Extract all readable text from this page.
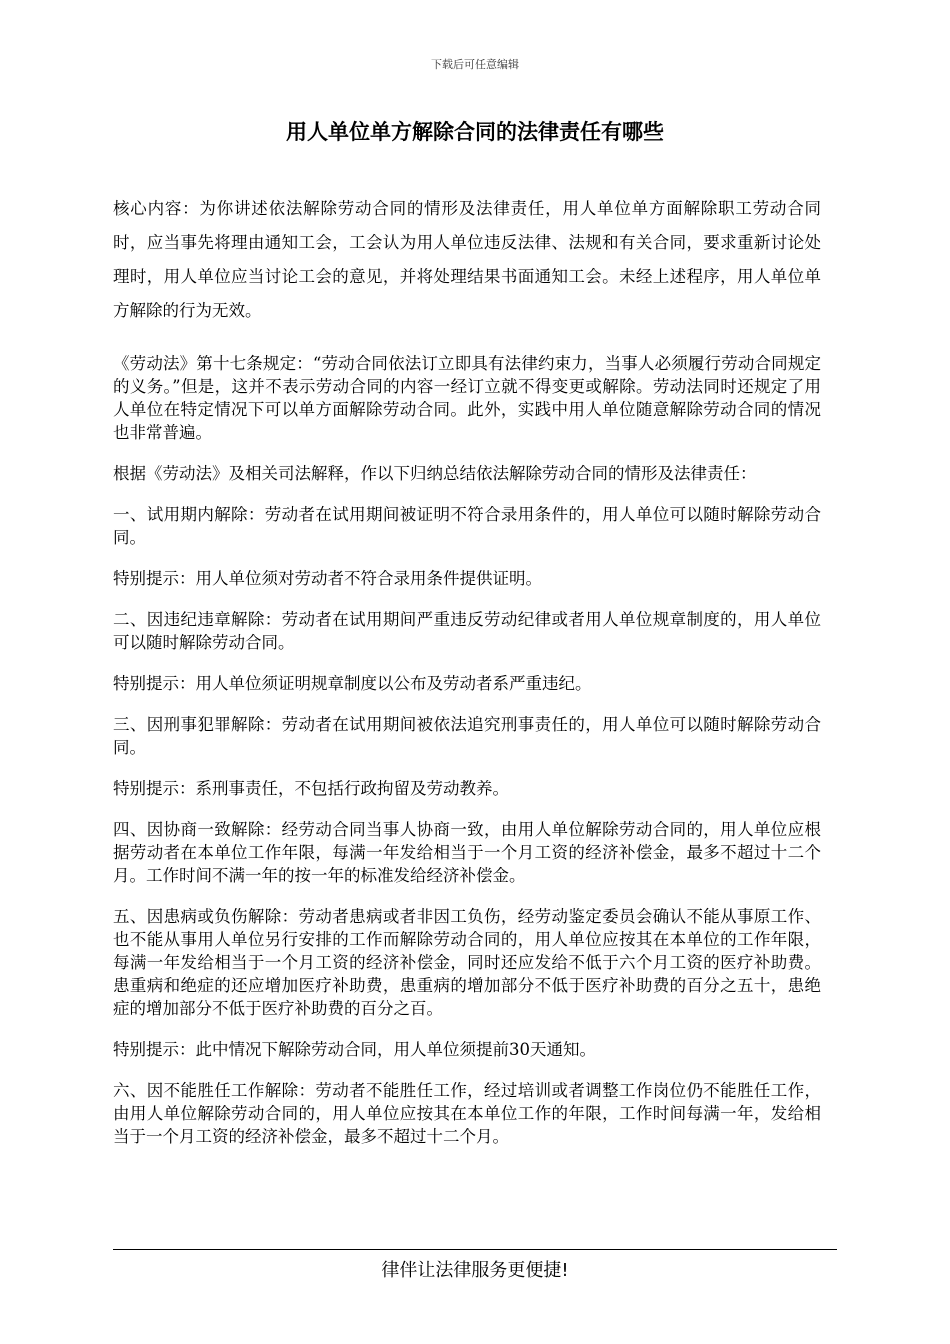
下载后可任意编辑
用人单位单方解除合同的法律责任有哪些

核心内容：为你讲述依法解除劳动合同的情形及法律责任，用人单位单方面解除职工劳动合同时，应当事先将理由通知工会，工会认为用人单位违反法律、法规和有关合同，要求重新讨论处理时，用人单位应当讨论工会的意见，并将处理结果书面通知工会。未经上述程序，用人单位单方解除的行为无效。

《劳动法》第十七条规定：“劳动合同依法订立即具有法律约束力，当事人必须履行劳动合同规定的义务。”但是，这并不表示劳动合同的内容一经订立就不得变更或解除。劳动法同时还规定了用人单位在特定情况下可以单方面解除劳动合同。此外，实践中用人单位随意解除劳动合同的情况也非常普遍。

根据《劳动法》及相关司法解释，作以下归纳总结依法解除劳动合同的情形及法律责任：

一、试用期内解除：劳动者在试用期间被证明不符合录用条件的，用人单位可以随时解除劳动合同。

特别提示：用人单位须对劳动者不符合录用条件提供证明。

二、因违纪违章解除：劳动者在试用期间严重违反劳动纪律或者用人单位规章制度的，用人单位可以随时解除劳动合同。

特别提示：用人单位须证明规章制度以公布及劳动者系严重违纪。

三、因刑事犯罪解除：劳动者在试用期间被依法追究刑事责任的，用人单位可以随时解除劳动合同。

特别提示：系刑事责任，不包括行政拘留及劳动教养。

四、因协商一致解除：经劳动合同当事人协商一致，由用人单位解除劳动合同的，用人单位应根据劳动者在本单位工作年限，每满一年发给相当于一个月工资的经济补偿金，最多不超过十二个月。工作时间不满一年的按一年的标准发给经济补偿金。

五、因患病或负伤解除：劳动者患病或者非因工负伤，经劳动鉴定委员会确认不能从事原工作、也不能从事用人单位另行安排的工作而解除劳动合同的，用人单位应按其在本单位的工作年限，每满一年发给相当于一个月工资的经济补偿金，同时还应发给不低于六个月工资的医疗补助费。患重病和绝症的还应增加医疗补助费，患重病的增加部分不低于医疗补助费的百分之五十，患绝症的增加部分不低于医疗补助费的百分之百。

特别提示：此中情况下解除劳动合同，用人单位须提前30天通知。

六、因不能胜任工作解除：劳动者不能胜任工作，经过培训或者调整工作岗位仍不能胜任工作，由用人单位解除劳动合同的，用人单位应按其在本单位工作的年限，工作时间每满一年，发给相当于一个月工资的经济补偿金，最多不超过十二个月。

律伴让法律服务更便捷!
